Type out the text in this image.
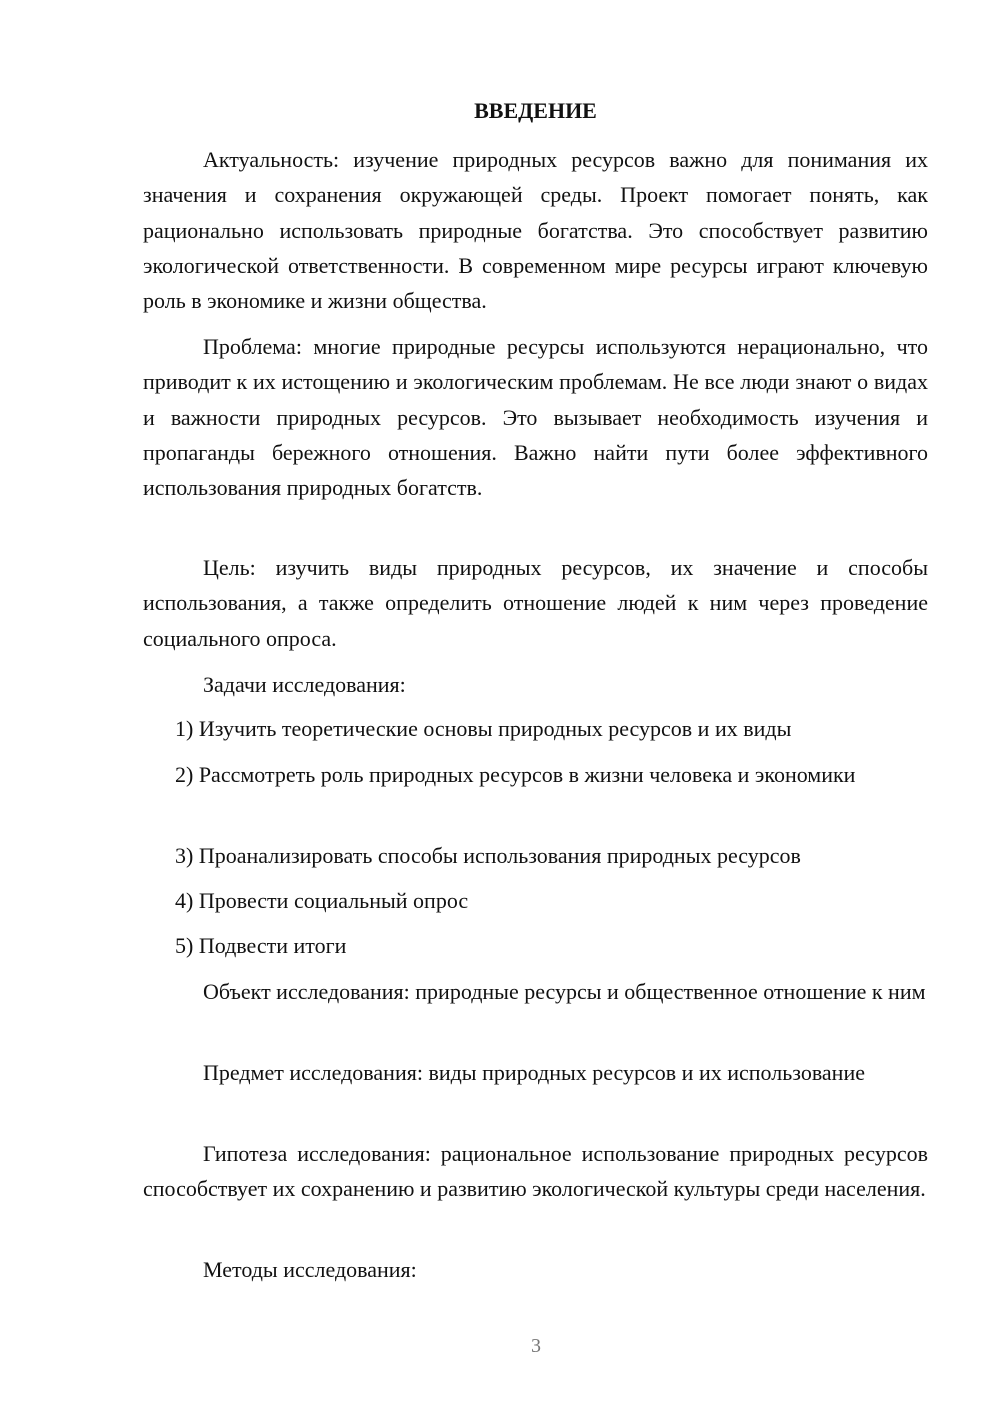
ВВЕДЕНИЕ

Актуальность: изучение природных ресурсов важно для понимания их значения и сохранения окружающей среды. Проект помогает понять, как рационально использовать природные богатства. Это способствует развитию экологической ответственности. В современном мире ресурсы играют ключевую роль в экономике и жизни общества.

Проблема: многие природные ресурсы используются нерационально, что приводит к их истощению и экологическим проблемам. Не все люди знают о видах и важности природных ресурсов. Это вызывает необходимость изучения и пропаганды бережного отношения. Важно найти пути более эффективного использования природных богатств.

Цель: изучить виды природных ресурсов, их значение и способы использования, а также определить отношение людей к ним через проведение социального опроса.

Задачи исследования:

1) Изучить теоретические основы природных ресурсов и их виды

2) Рассмотреть роль природных ресурсов в жизни человека и экономики

3) Проанализировать способы использования природных ресурсов

4) Провести социальный опрос

5) Подвести итоги

Объект исследования: природные ресурсы и общественное отношение к ним

Предмет исследования: виды природных ресурсов и их использование

Гипотеза исследования: рациональное использование природных ресурсов способствует их сохранению и развитию экологической культуры среди населения.

Методы исследования:

3
